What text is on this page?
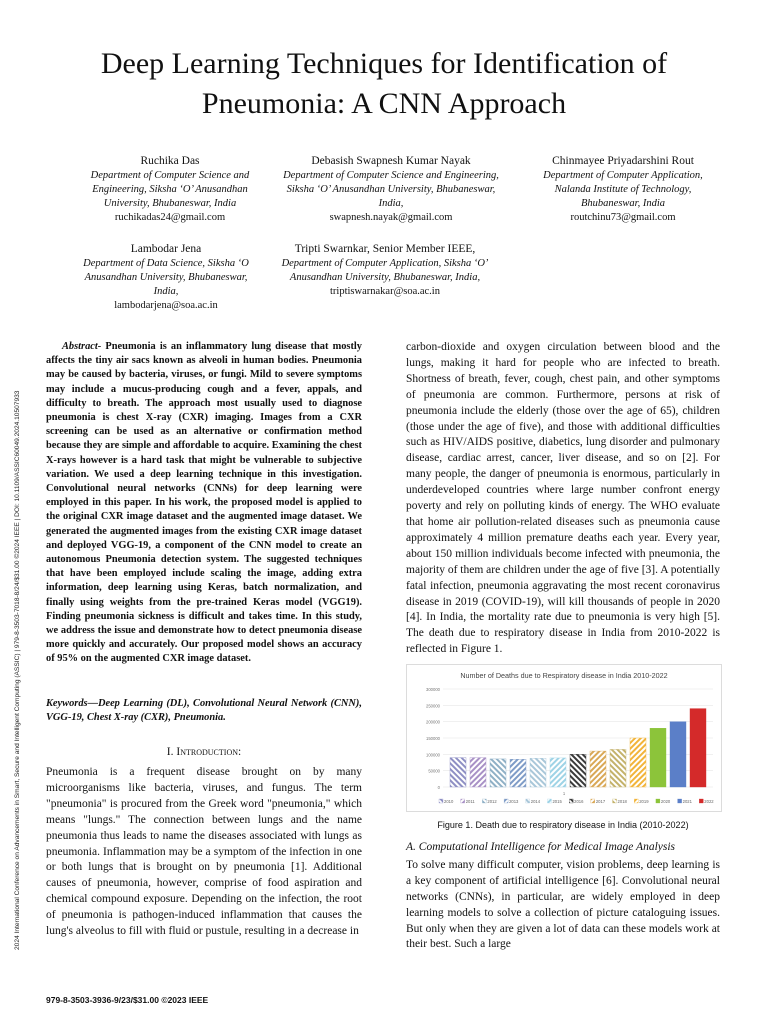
2024 International Conference on Advancements in Smart, Secure and Intelligent Computing (ASSIC) | 979-8-3503-7018-8/24/$31.00 ©2024 IEEE | DOI: 10.1109/ASSIC60049.2024.10507933
Deep Learning Techniques for Identification of
Pneumonia: A CNN Approach
Ruchika Das
Department of Computer Science and Engineering, Siksha ‘O’ Anusandhan University, Bhubaneswar, India
ruchikadas24@gmail.com
Debasish Swapnesh Kumar Nayak
Department of Computer Science and Engineering, Siksha ‘O’ Anusandhan University, Bhubaneswar, India,
swapnesh.nayak@gmail.com
Chinmayee Priyadarshini Rout
Department of Computer Application, Nalanda Institute of Technology, Bhubaneswar, India
routchinu73@gmail.com
Lambodar Jena
Department of Data Science, Siksha ‘O Anusandhan University, Bhubaneswar, India,
lambodarjena@soa.ac.in
Tripti Swarnkar, Senior Member IEEE,
Department of Computer Application, Siksha ‘O’ Anusandhan University, Bhubaneswar, India,
triptiswarnakar@soa.ac.in
Abstract- Pneumonia is an inflammatory lung disease that mostly affects the tiny air sacs known as alveoli in human bodies. Pneumonia may be caused by bacteria, viruses, or fungi. Mild to severe symptoms may include a mucus-producing cough and a fever, appals, and difficulty to breath. The approach most usually used to diagnose pneumonia is chest X-ray (CXR) imaging. Images from a CXR screening can be used as an alternative or confirmation method because they are simple and affordable to acquire. Examining the chest X-rays however is a hard task that might be vulnerable to subjective variation. We used a deep learning technique in this investigation. Convolutional neural networks (CNNs) for deep learning were employed in this paper. In his work, the proposed model is applied to the original CXR image dataset and the augmented image dataset. We generated the augmented images from the existing CXR image dataset and deployed VGG-19, a component of the CNN model to create an autonomous Pneumonia detection system. The suggested techniques that have been employed include scaling the image, adding extra information, deep learning using Keras, batch normalization, and finally using weights from the pre-trained Keras model (VGG19). Finding pneumonia sickness is difficult and takes time. In this study, we address the issue and demonstrate how to detect pneumonia disease more quickly and accurately. Our proposed model shows an accuracy of 95% on the augmented CXR image dataset.
Keywords—Deep Learning (DL), Convolutional Neural Network (CNN), VGG-19, Chest X-ray (CXR), Pneumonia.
I. Introduction:
Pneumonia is a frequent disease brought on by many microorganisms like bacteria, viruses, and fungus. The term "pneumonia" is procured from the Greek word "pneumonia," which means "lungs." The connection between lungs and the name pneumonia thus leads to name the diseases associated with lungs as pneumonia. Inflammation may be a symptom of the infection in one or both lungs that is brought on by pneumonia [1]. Additional causes of pneumonia, however, comprise of food aspiration and chemical compound exposure. Depending on the infection, the root of pneumonia is pathogen-induced inflammation that causes the lung's alveolus to fill with fluid or pustule, resulting in a decrease in
carbon-dioxide and oxygen circulation between blood and the lungs, making it hard for people who are infected to breath. Shortness of breath, fever, cough, chest pain, and other symptoms of pneumonia are common. Furthermore, persons at risk of pneumonia include the elderly (those over the age of 65), children (those under the age of five), and those with additional difficulties such as HIV/AIDS positive, diabetics, lung disorder and pulmonary disease, cardiac arrest, cancer, liver disease, and so on [2]. For many people, the danger of pneumonia is enormous, particularly in underdeveloped countries where large number confront energy poverty and rely on polluting kinds of energy. The WHO evaluate that home air pollution-related diseases such as pneumonia cause approximately 4 million premature deaths each year. Every year, about 150 million individuals become infected with pneumonia, the majority of them are children under the age of five [3]. A potentially fatal infection, pneumonia aggravating the most recent coronavirus disease in 2019 (COVID-19), will kill thousands of people in 2020 [4]. In India, the mortality rate due to pneumonia is very high [5]. The death due to respiratory disease in India from 2010-2022 is reflected in Figure 1.
Number of Deaths due to Respiratory disease in India 2010-2022
0
50000
100000
150000
200000
250000
300000
1
2010	2011	2012	2013	2014	2015	2016	2017	2018	2019	2020	2021	2022
Figure 1. Death due to respiratory disease in India (2010-2022)
A. Computational Intelligence for Medical Image Analysis
To solve many difficult computer, vision problems, deep learning is a key component of artificial intelligence [6]. Convolutional neural networks (CNNs), in particular, are widely employed in deep learning models to solve a collection of picture cataloguing issues. But only when they are given a lot of data can these models work at their best. Such a large
979-8-3503-3936-9/23/$31.00 ©2023 IEEE
